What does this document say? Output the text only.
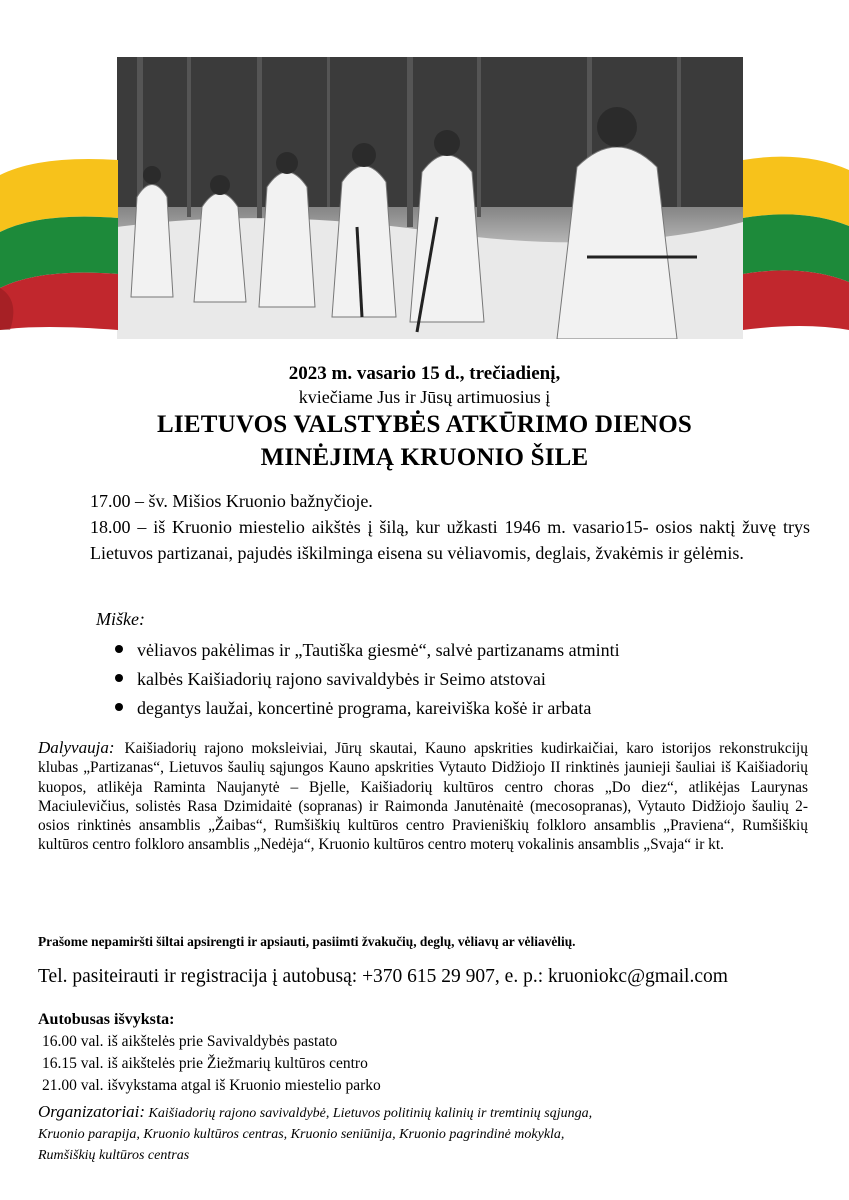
2023 m. vasario 15 d., trečiadienį,
kviečiame Jus ir Jūsų artimuosius į
LIETUVOS VALSTYBĖS ATKŪRIMO DIENOS
MINĖJIMĄ KRUONIO ŠILE
17.00 – šv. Mišios Kruonio bažnyčioje.
18.00 – iš Kruonio miestelio aikštės į šilą, kur užkasti 1946 m. vasario15- osios naktį žuvę trys Lietuvos partizanai, pajudės iškilminga eisena su vėliavomis, deglais, žvakėmis ir gėlėmis.
Miške:
vėliavos pakėlimas ir „Tautiška giesmė“, salvė partizanams atminti
kalbės Kaišiadorių rajono savivaldybės ir Seimo atstovai
degantys laužai, koncertinė programa, kareiviška košė ir arbata
Dalyvauja: Kaišiadorių rajono moksleiviai, Jūrų skautai, Kauno apskrities kudirkaičiai, karo istorijos rekonstrukcijų klubas „Partizanas“, Lietuvos šaulių sąjungos Kauno apskrities Vytauto Didžiojo II rinktinės jaunieji šauliai iš Kaišiadorių kuopos, atlikėja Raminta Naujanytė – Bjelle, Kaišiadorių kultūros centro choras „Do diez“, atlikėjas Laurynas Maciulevičius, solistės Rasa Dzimidaitė (sopranas) ir Raimonda Janutėnaitė (mecosopranas), Vytauto Didžiojo šaulių 2-osios rinktinės ansamblis „Žaibas“, Rumšiškių kultūros centro Pravieniškių folkloro ansamblis „Praviena“, Rumšiškių kultūros centro folkloro ansamblis „Nedėja“, Kruonio kultūros centro moterų vokalinis ansamblis „Svaja“ ir kt.
Prašome nepamiršti šiltai apsirengti ir apsiauti, pasiimti žvakučių, deglų, vėliavų ar vėliavėlių.
Tel. pasiteirauti ir registracija į autobusą: +370 615 29 907, e. p.: kruoniokc@gmail.com
Autobusas išvyksta:
16.00 val. iš aikštelės prie Savivaldybės pastato
16.15 val. iš aikštelės prie Žiežmarių kultūros centro
21.00 val. išvykstama atgal iš Kruonio miestelio parko
Organizatoriai: Kaišiadorių rajono savivaldybė, Lietuvos politinių kalinių ir tremtinių sąjunga,
Kruonio parapija, Kruonio kultūros centras, Kruonio seniūnija, Kruonio pagrindinė mokykla,
Rumšiškių kultūros centras
